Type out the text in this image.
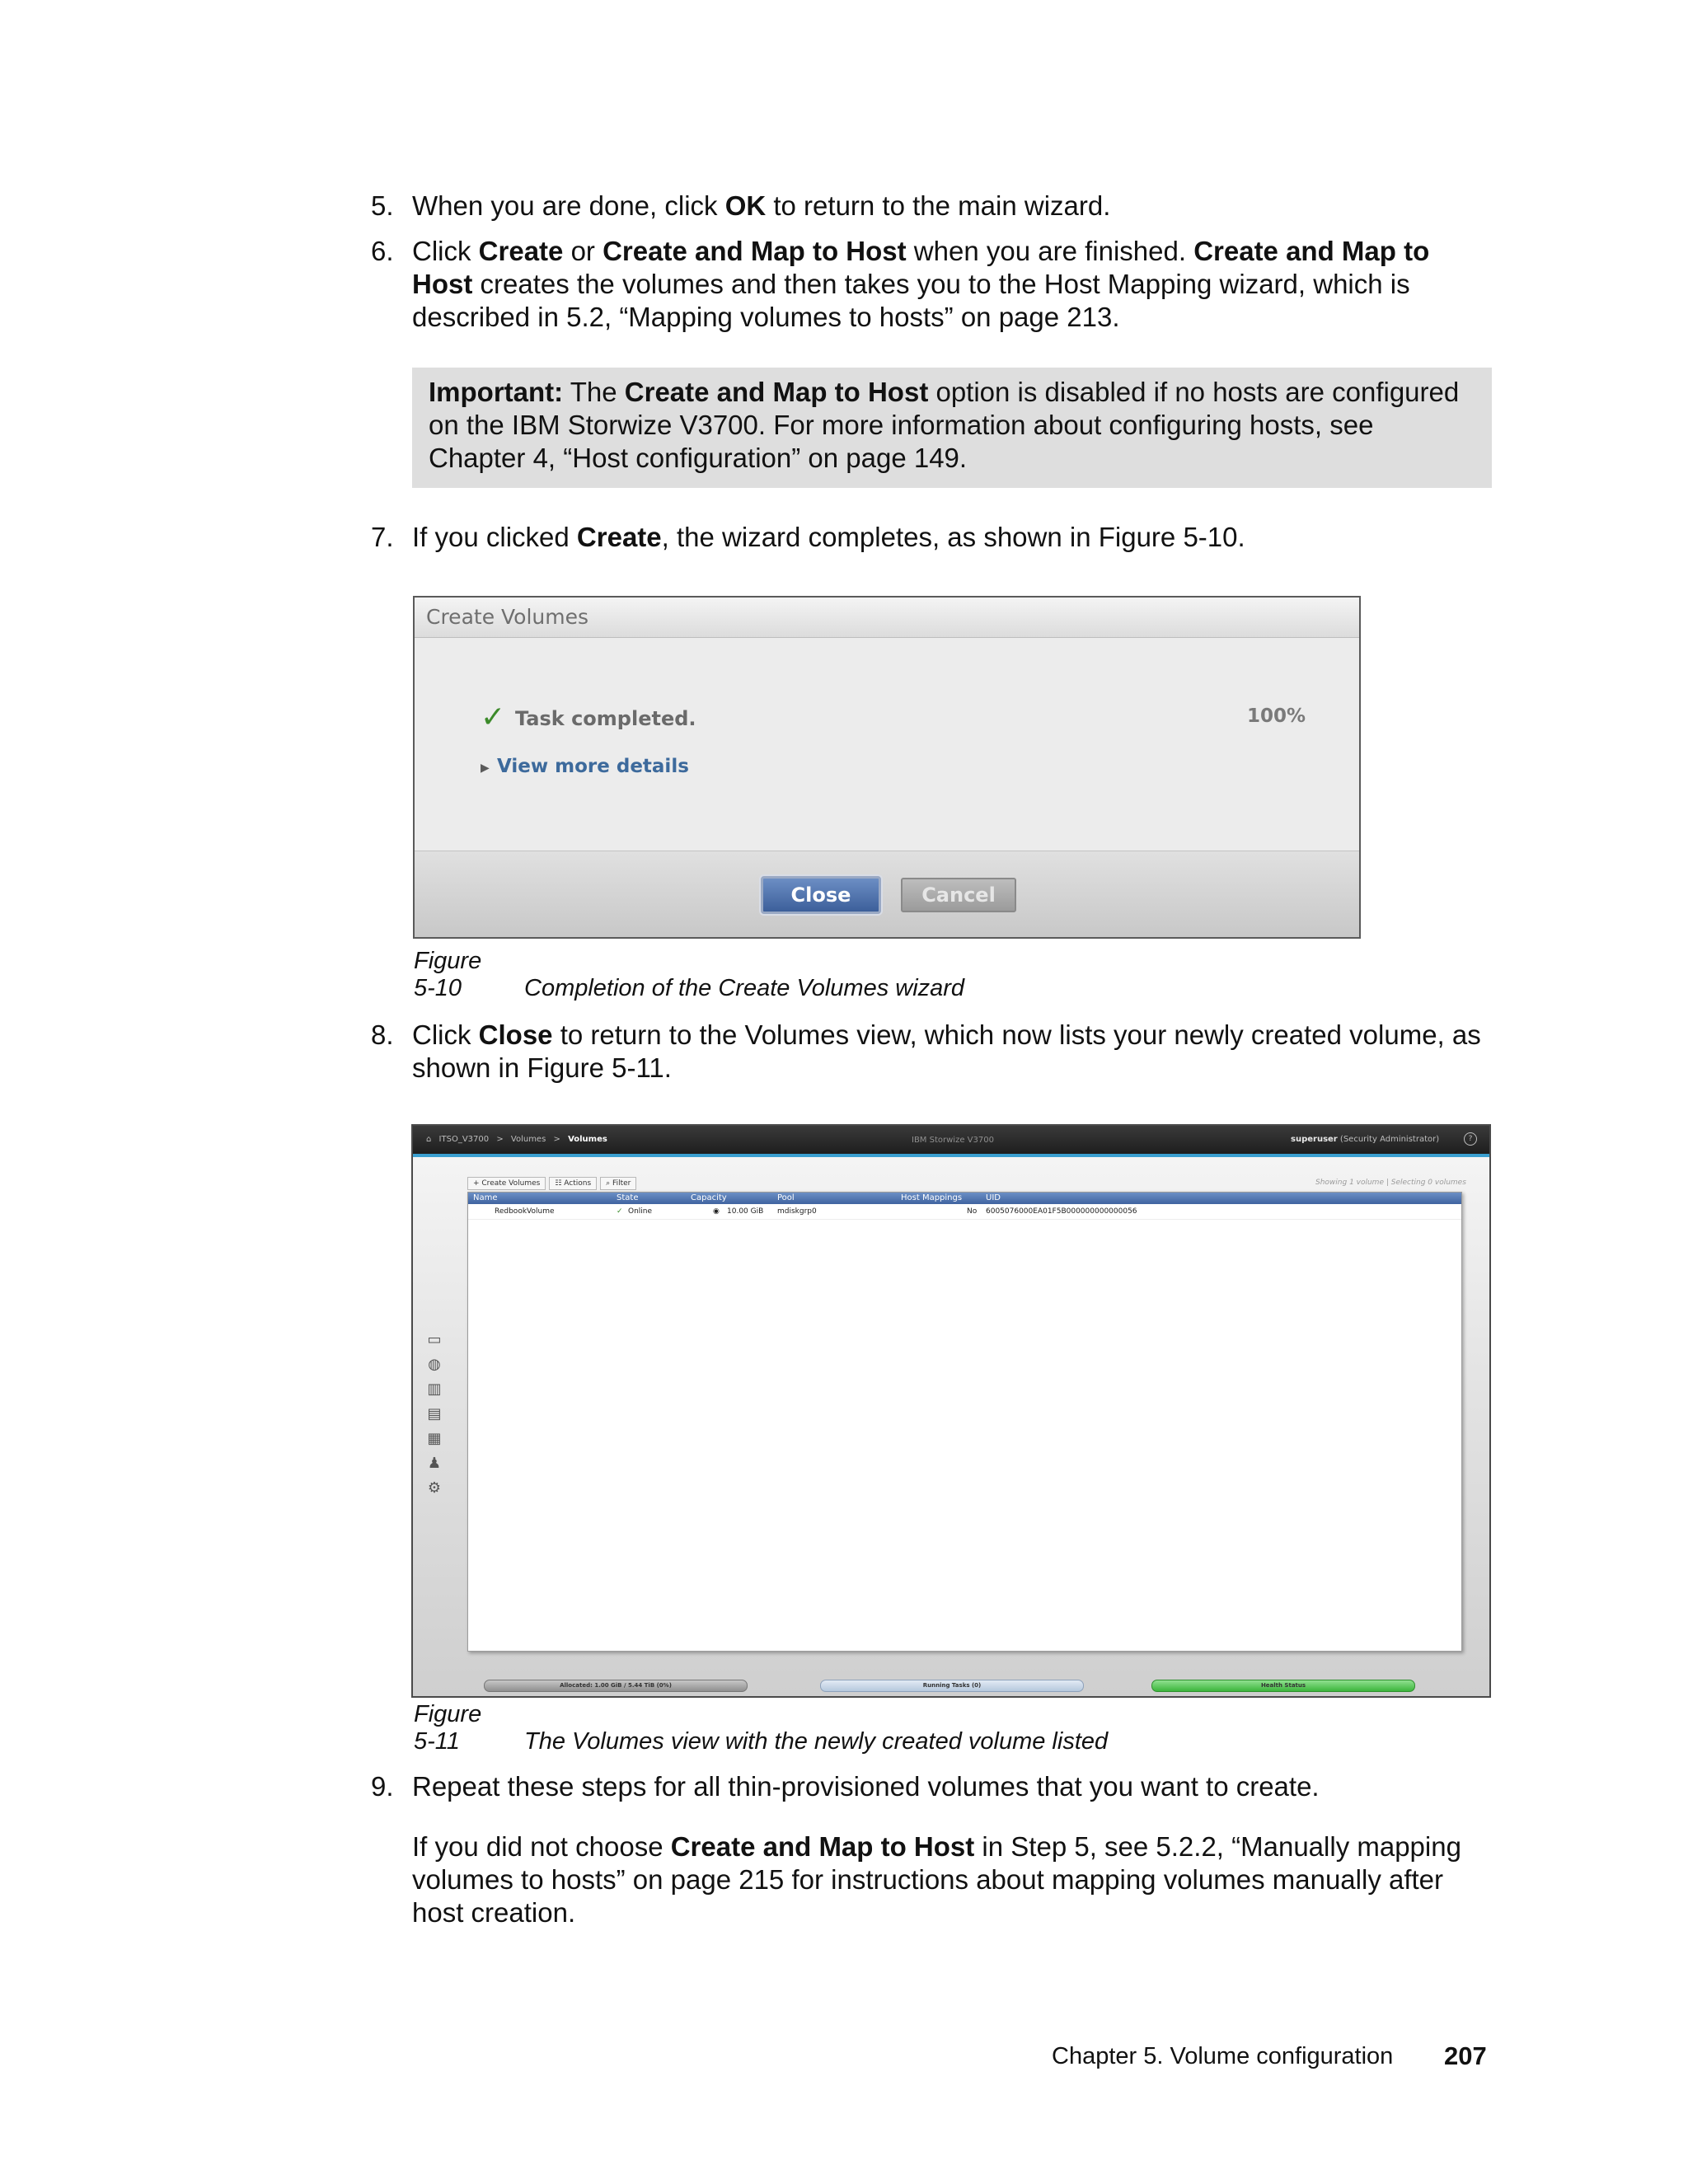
5. When you are done, click OK to return to the main wizard.
6. Click Create or Create and Map to Host when you are finished. Create and Map to Host creates the volumes and then takes you to the Host Mapping wizard, which is described in 5.2, “Mapping volumes to hosts” on page 213.
Important: The Create and Map to Host option is disabled if no hosts are configured on the IBM Storwize V3700. For more information about configuring hosts, see Chapter 4, “Host configuration” on page 149.
7. If you clicked Create, the wizard completes, as shown in Figure 5-10.
Create Volumes
✓ Task completed.	100%
▶ View more details
Close	Cancel
Figure 5-10	Completion of the Create Volumes wizard
8. Click Close to return to the Volumes view, which now lists your newly created volume, as shown in Figure 5-11.
⌂ ITSO_V3700 > Volumes > Volumes	IBM Storwize V3700	superuser (Security Administrator)	?
▭
◍
▥
▤
▦
♟
⚙
Showing 1 volume | Selecting 0 volumes
+ Create Volumes ☷ Actions ⌕ Filter
Name	State	Capacity	Pool	Host Mappings	UID
RedbookVolume	✓ Online	◉ 10.00 GiB mdiskgrp0	No 6005076000EA01F5B000000000000056
Allocated: 1.00 GiB / 5.44 TiB (0%)	Running Tasks (0)	Health Status
Figure 5-11	The Volumes view with the newly created volume listed
9. Repeat these steps for all thin-provisioned volumes that you want to create.
If you did not choose Create and Map to Host in Step 5, see 5.2.2, “Manually mapping volumes to hosts” on page 215 for instructions about mapping volumes manually after host creation.
Chapter 5. Volume configuration 207
